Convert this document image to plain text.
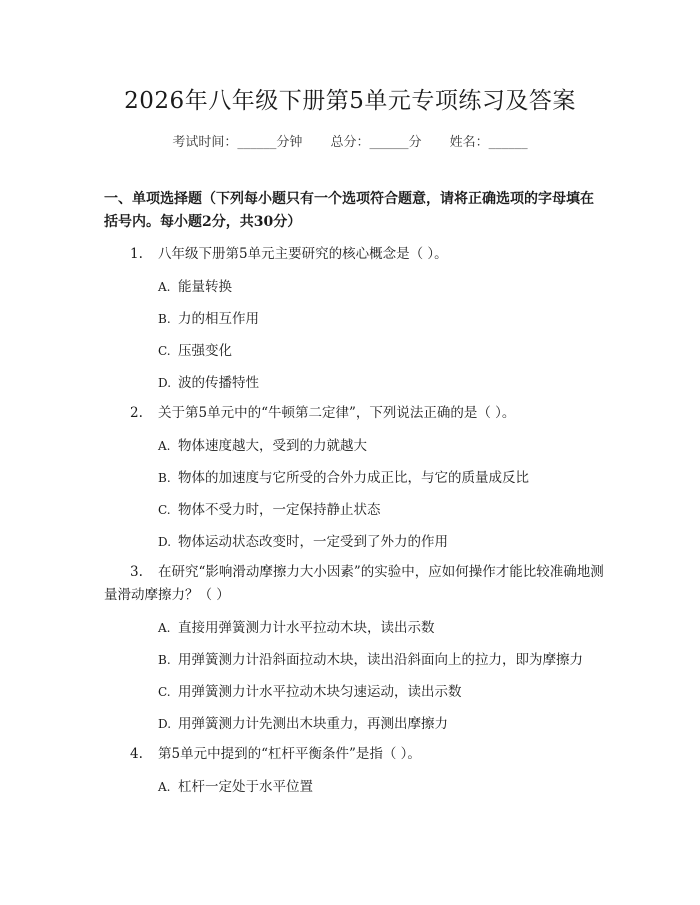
2026年八年级下册第5单元专项练习及答案
考试时间：______分钟 总分：______分 姓名：______
一、单项选择题（下列每小题只有一个选项符合题意，请将正确选项的字母填在括号内。每小题2分，共30分）
1. 八年级下册第5单元主要研究的核心概念是（ ）。
A. 能量转换
B. 力的相互作用
C. 压强变化
D. 波的传播特性
2. 关于第5单元中的“牛顿第二定律”，下列说法正确的是（ ）。
A. 物体速度越大，受到的力就越大
B. 物体的加速度与它所受的合外力成正比，与它的质量成反比
C. 物体不受力时，一定保持静止状态
D. 物体运动状态改变时，一定受到了外力的作用
3. 在研究“影响滑动摩擦力大小因素”的实验中，应如何操作才能比较准确地测量滑动摩擦力？（ ）
A. 直接用弹簧测力计水平拉动木块，读出示数
B. 用弹簧测力计沿斜面拉动木块，读出沿斜面向上的拉力，即为摩擦力
C. 用弹簧测力计水平拉动木块匀速运动，读出示数
D. 用弹簧测力计先测出木块重力，再测出摩擦力
4. 第5单元中提到的“杠杆平衡条件”是指（ ）。
A. 杠杆一定处于水平位置
